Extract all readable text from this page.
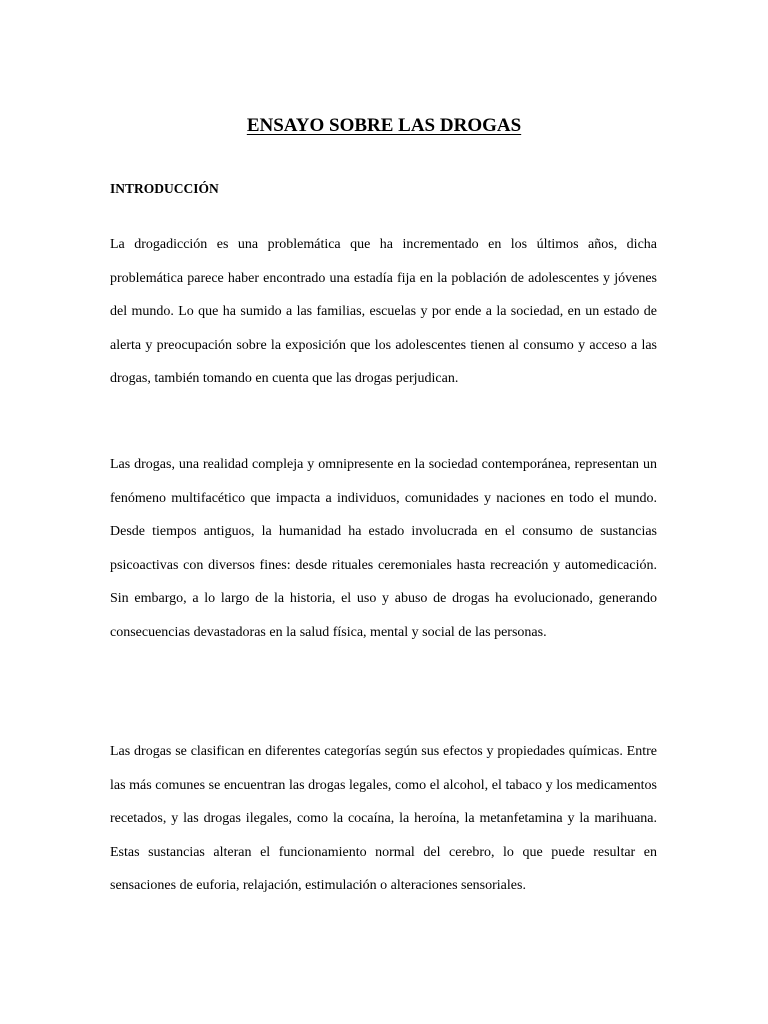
ENSAYO SOBRE LAS DROGAS
INTRODUCCIÓN

La drogadicción es una problemática que ha incrementado en los últimos años, dicha problemática parece haber encontrado una estadía fija en la población de adolescentes y jóvenes del mundo. Lo que ha sumido a las familias, escuelas y por ende a la sociedad, en un estado de alerta y preocupación sobre la exposición que los adolescentes tienen al consumo y acceso a las drogas, también tomando en cuenta que las drogas perjudican.

Las drogas, una realidad compleja y omnipresente en la sociedad contemporánea, representan un fenómeno multifacético que impacta a individuos, comunidades y naciones en todo el mundo. Desde tiempos antiguos, la humanidad ha estado involucrada en el consumo de sustancias psicoactivas con diversos fines: desde rituales ceremoniales hasta recreación y automedicación. Sin embargo, a lo largo de la historia, el uso y abuso de drogas ha evolucionado, generando consecuencias devastadoras en la salud física, mental y social de las personas.

Las drogas se clasifican en diferentes categorías según sus efectos y propiedades químicas. Entre las más comunes se encuentran las drogas legales, como el alcohol, el tabaco y los medicamentos recetados, y las drogas ilegales, como la cocaína, la heroína, la metanfetamina y la marihuana. Estas sustancias alteran el funcionamiento normal del cerebro, lo que puede resultar en sensaciones de euforia, relajación, estimulación o alteraciones sensoriales.
